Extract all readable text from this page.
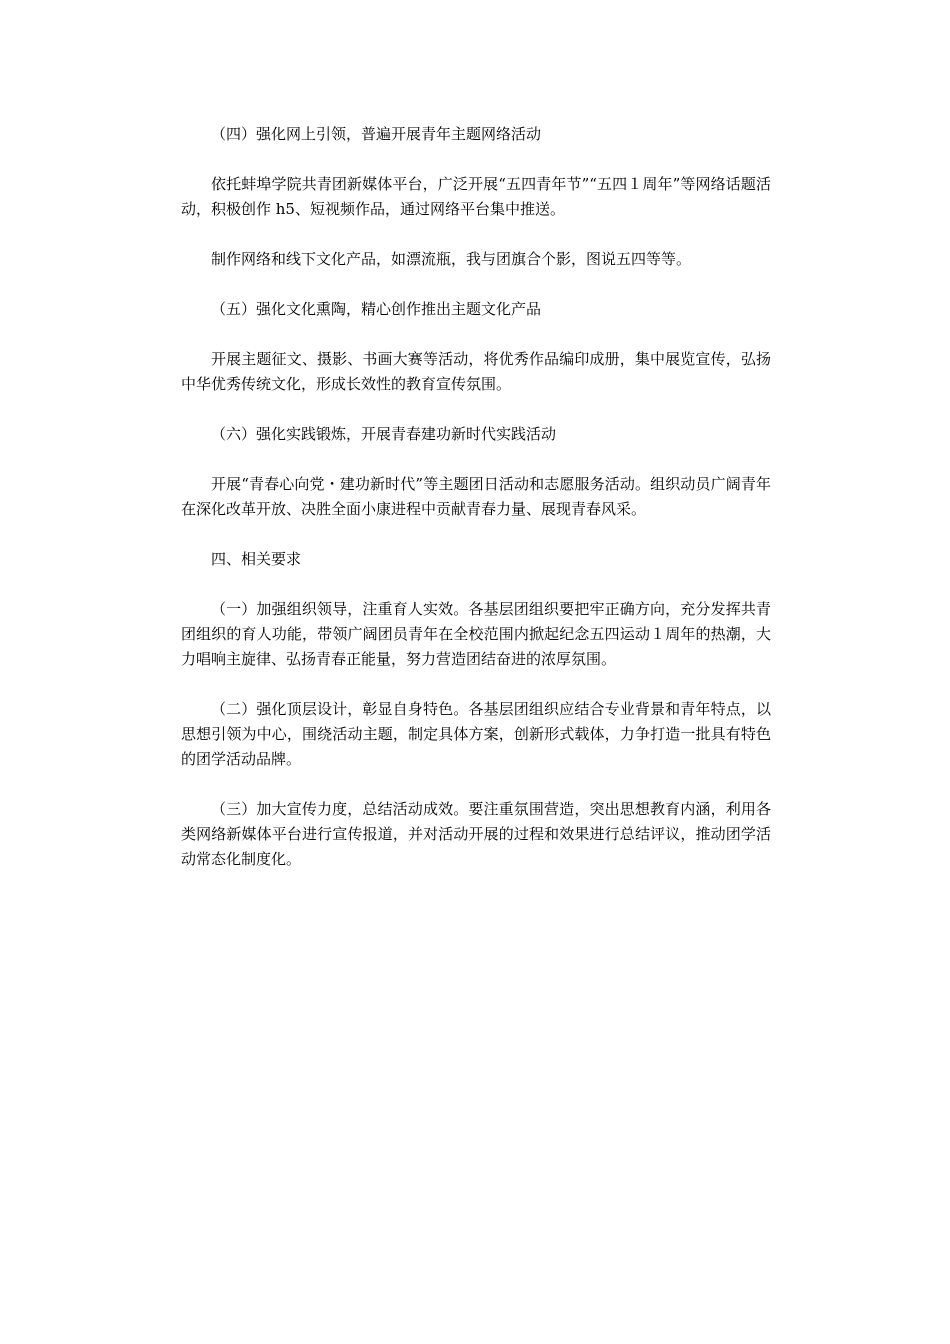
（四）强化网上引领，普遍开展青年主题网络活动

依托蚌埠学院共青团新媒体平台，广泛开展“五四青年节”“五四１周年”等网络话题活动，积极创作 h5、短视频作品，通过网络平台集中推送。

制作网络和线下文化产品，如漂流瓶，我与团旗合个影，图说五四等等。

（五）强化文化熏陶，精心创作推出主题文化产品

开展主题征文、摄影、书画大赛等活动，将优秀作品编印成册，集中展览宣传，弘扬中华优秀传统文化，形成长效性的教育宣传氛围。

（六）强化实践锻炼，开展青春建功新时代实践活动

开展“青春心向党・建功新时代”等主题团日活动和志愿服务活动。组织动员广阔青年在深化改革开放、决胜全面小康进程中贡献青春力量、展现青春风采。

四、相关要求

（一）加强组织领导，注重育人实效。各基层团组织要把牢正确方向，充分发挥共青团组织的育人功能，带领广阔团员青年在全校范围内掀起纪念五四运动１周年的热潮，大力唱响主旋律、弘扬青春正能量，努力营造团结奋进的浓厚氛围。

（二）强化顶层设计，彰显自身特色。各基层团组织应结合专业背景和青年特点，以思想引领为中心，围绕活动主题，制定具体方案，创新形式载体，力争打造一批具有特色的团学活动品牌。

（三）加大宣传力度，总结活动成效。要注重氛围营造，突出思想教育内涵，利用各类网络新媒体平台进行宣传报道，并对活动开展的过程和效果进行总结评议，推动团学活动常态化制度化。
